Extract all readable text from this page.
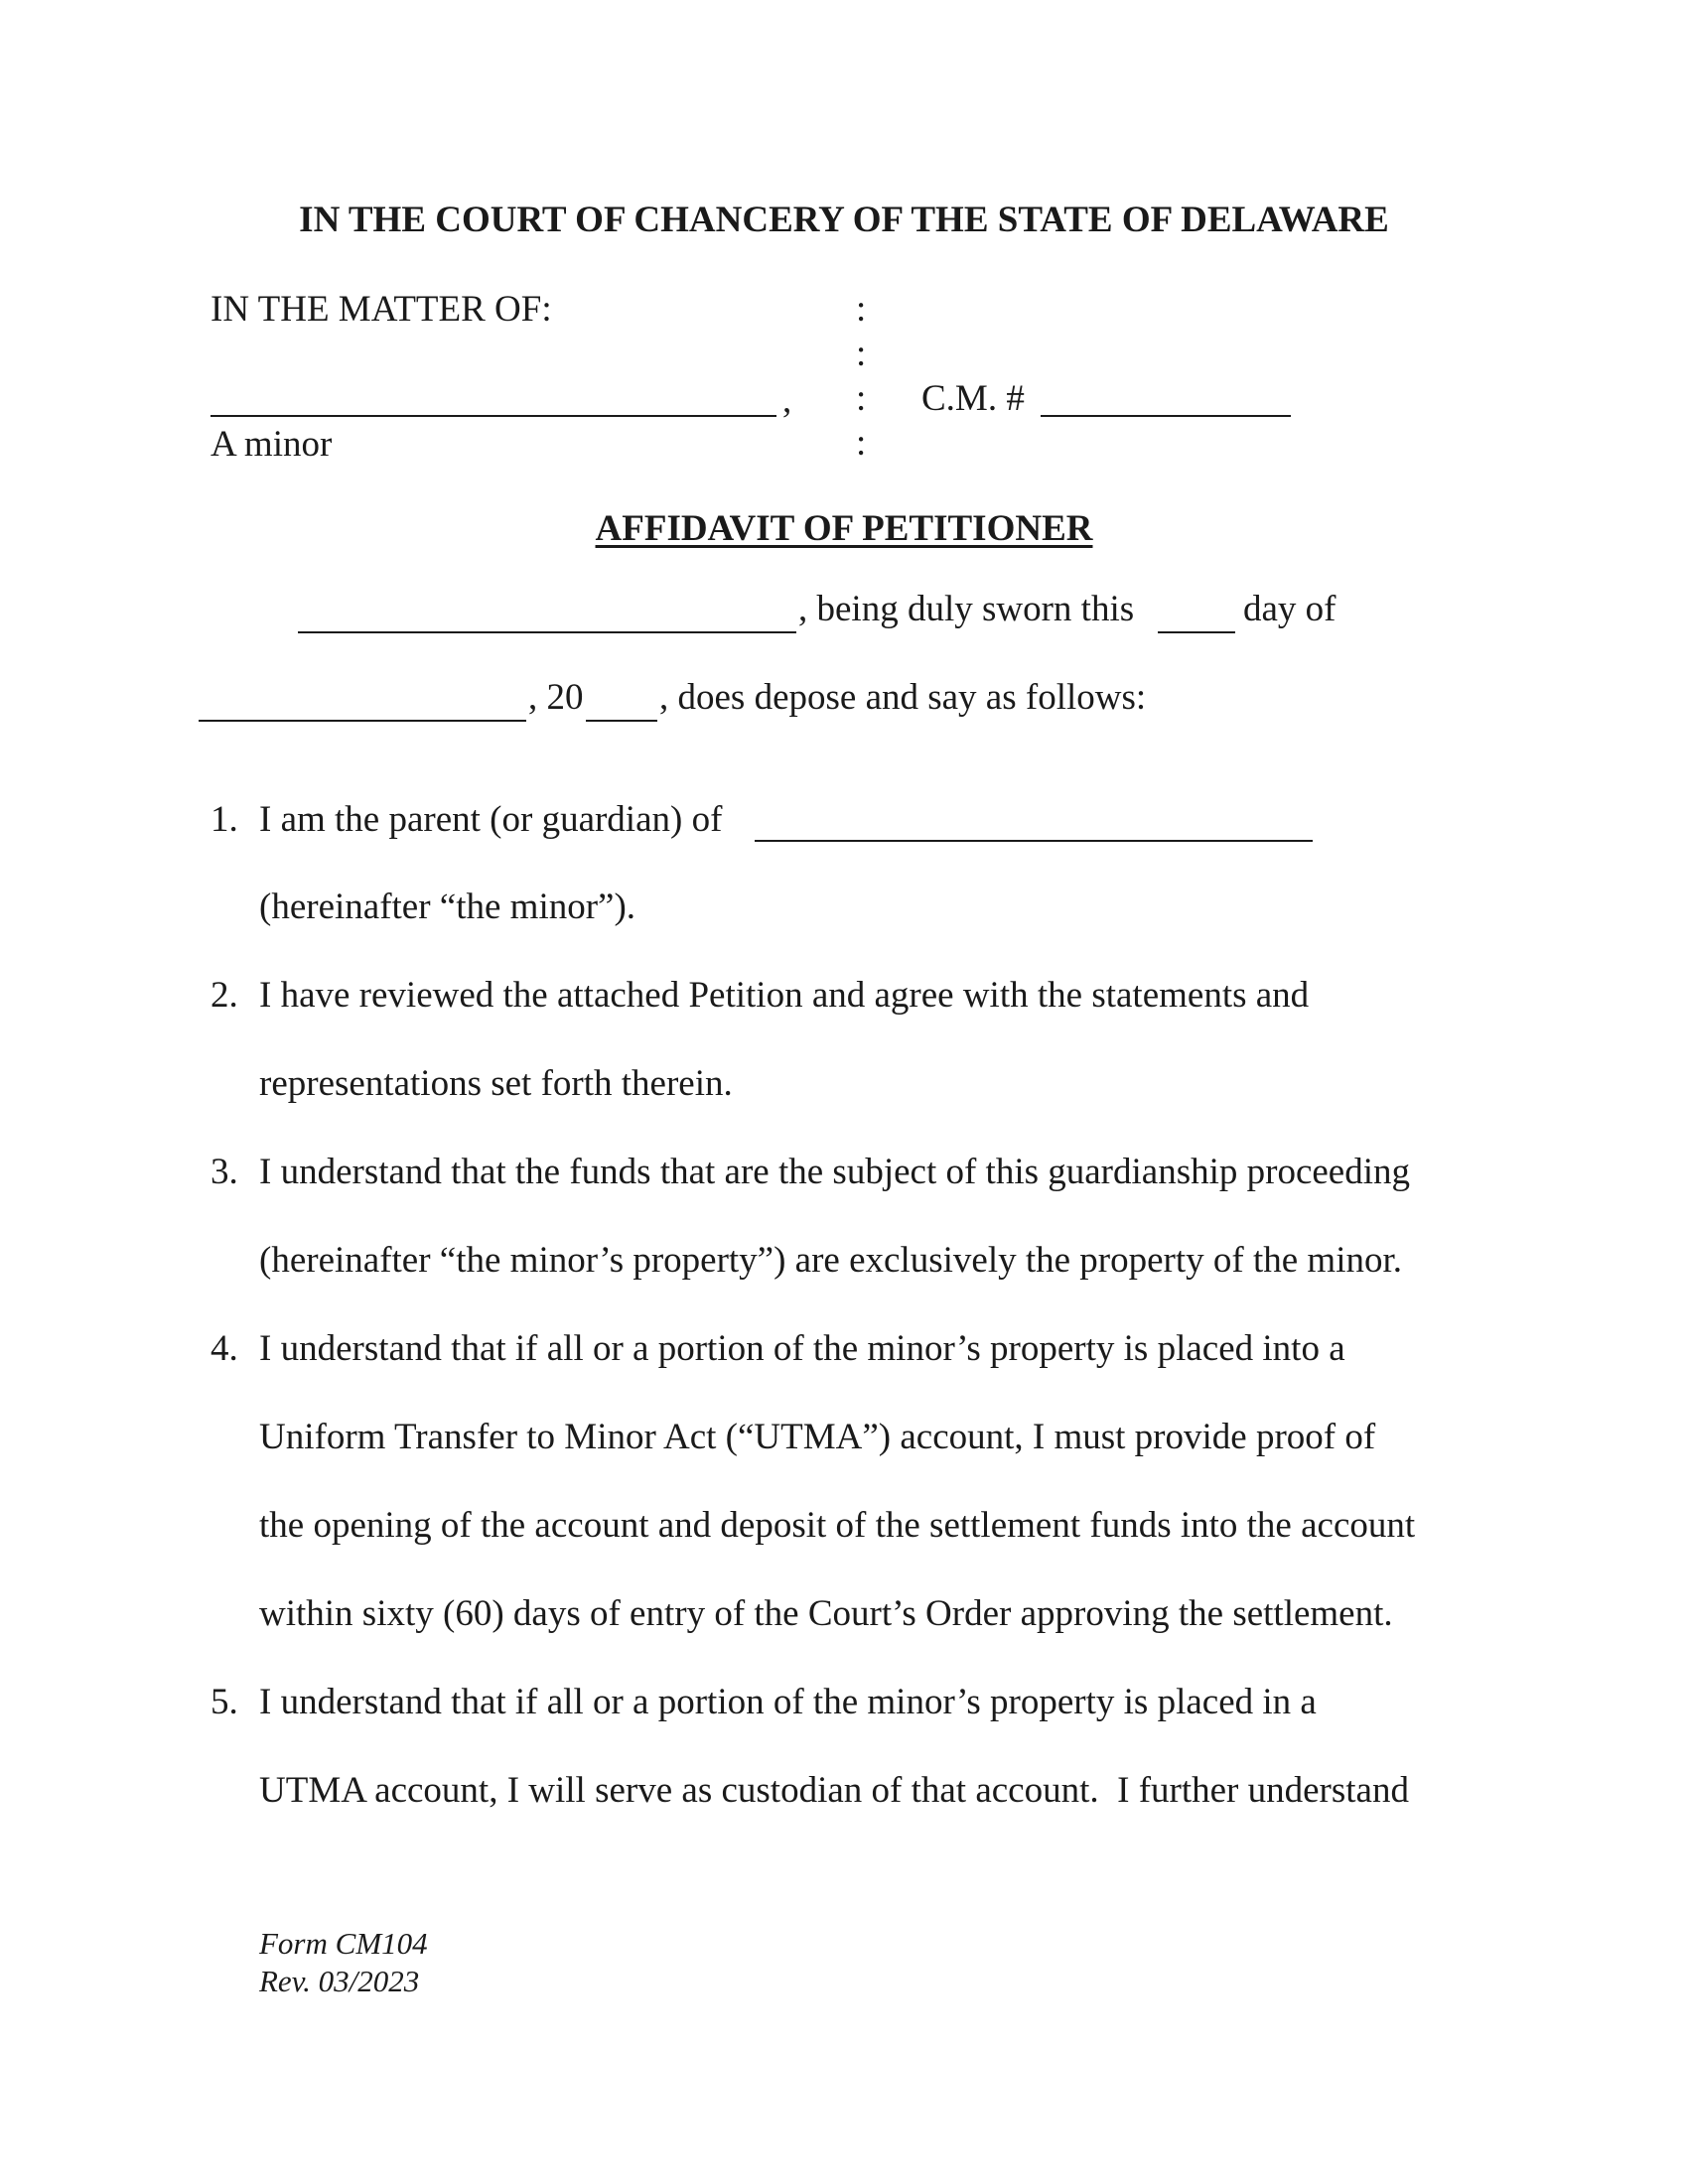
IN THE COURT OF CHANCERY OF THE STATE OF DELAWARE
IN THE MATTER OF:
,
A minor
:
:
:
:
C.M. #
AFFIDAVIT OF PETITIONER
, being duly sworn this	day of
, 20 , does depose and say as follows:
1. I am the parent (or guardian) of
(hereinafter “the minor”).
2. I have reviewed the attached Petition and agree with the statements and
representations set forth therein.
3. I understand that the funds that are the subject of this guardianship proceeding
(hereinafter “the minor’s property”) are exclusively the property of the minor.
4. I understand that if all or a portion of the minor’s property is placed into a
Uniform Transfer to Minor Act (“UTMA”) account, I must provide proof of
the opening of the account and deposit of the settlement funds into the account
within sixty (60) days of entry of the Court’s Order approving the settlement.
5. I understand that if all or a portion of the minor’s property is placed in a
UTMA account, I will serve as custodian of that account.  I further understand
Form CM104
Rev. 03/2023
